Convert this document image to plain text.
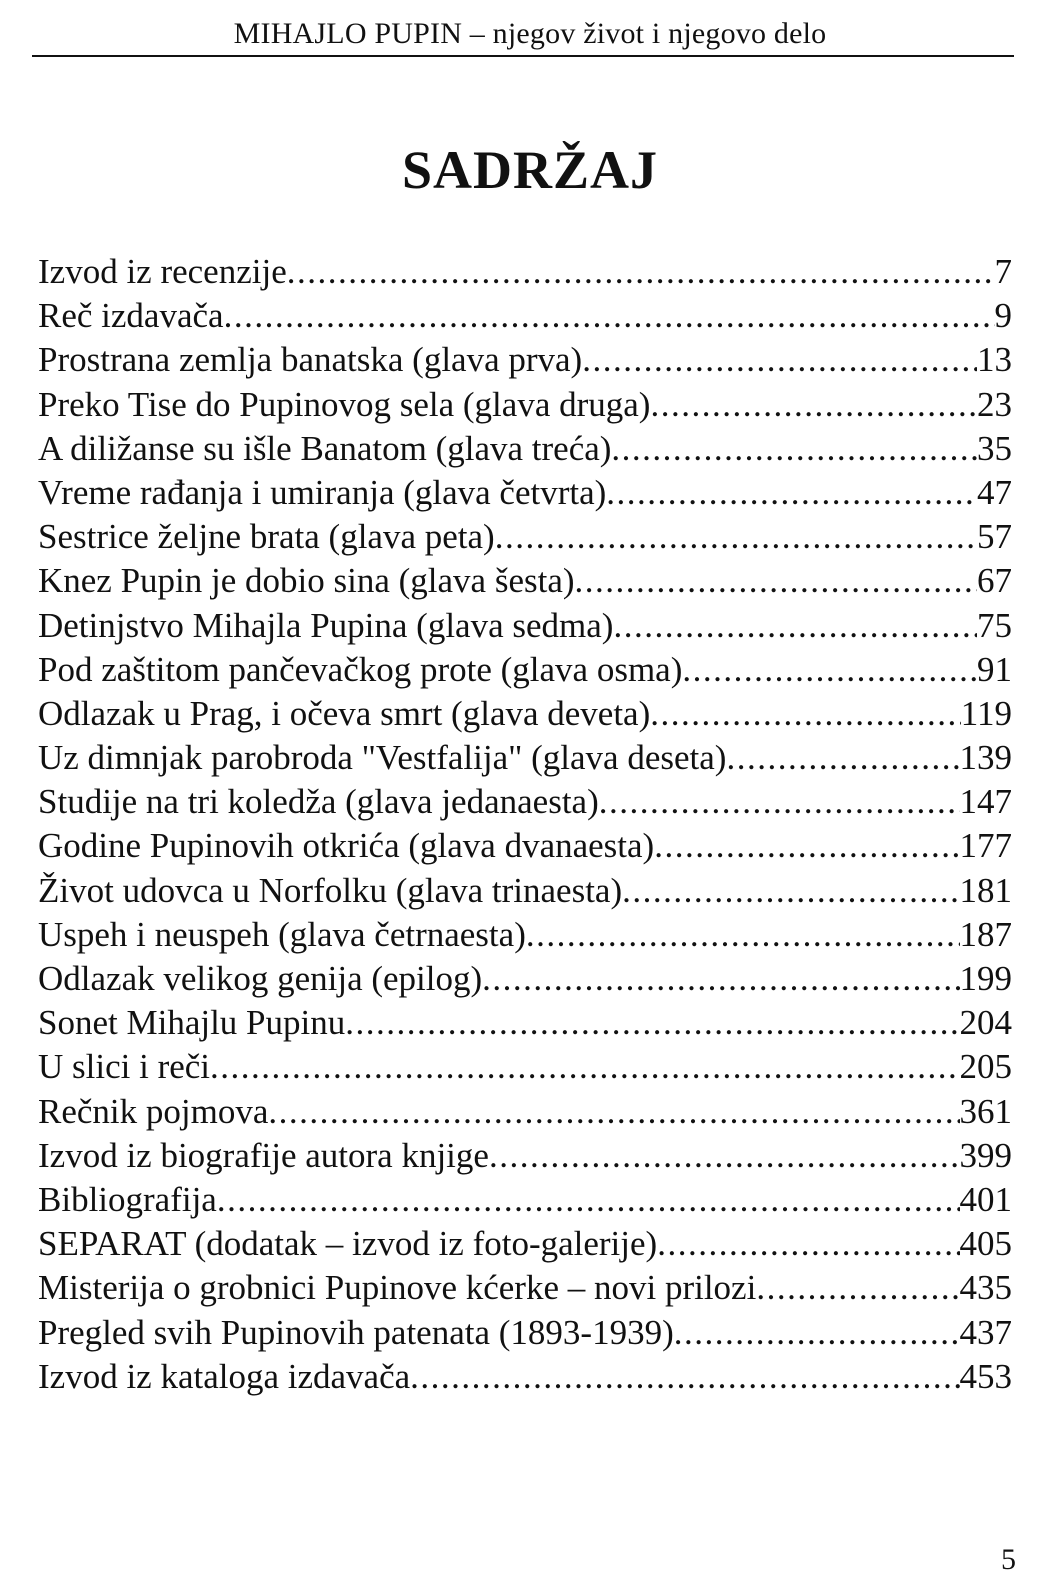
MIHAJLO PUPIN – njegov život i njegovo delo
SADRŽAJ
Izvod iz recenzije .....	7
Reč izdavača .....	9
Prostrana zemlja banatska (glava prva) .....	13
Preko Tise do Pupinovog sela (glava druga) .....	23
A diližanse su išle Banatom (glava treća) .....	35
Vreme rađanja i umiranja (glava četvrta) .....	47
Sestrice željne brata (glava peta) .....	57
Knez Pupin je dobio sina (glava šesta) .....	67
Detinjstvo Mihajla Pupina (glava sedma) .....	75
Pod zaštitom pančevačkog prote (glava osma) .....	91
Odlazak u Prag, i očeva smrt (glava deveta) .....	119
Uz dimnjak parobroda "Vestfalija" (glava deseta) .....	139
Studije na tri koledža (glava jedanaesta) .....	147
Godine Pupinovih otkrića (glava dvanaesta) .....	177
Život udovca u Norfolku (glava trinaesta) .....	181
Uspeh i neuspeh (glava četrnaesta) .....	187
Odlazak velikog genija (epilog) .....	199
Sonet Mihajlu Pupinu .....	204
U slici i reči .....	205
Rečnik pojmova .....	361
Izvod iz biografije autora knjige .....	399
Bibliografija .....	401
SEPARAT (dodatak – izvod iz foto-galerije) .....	405
Misterija o grobnici Pupinove kćerke – novi prilozi .....	435
Pregled svih Pupinovih patenata (1893-1939) .....	437
Izvod iz kataloga izdavača .....	453
5
